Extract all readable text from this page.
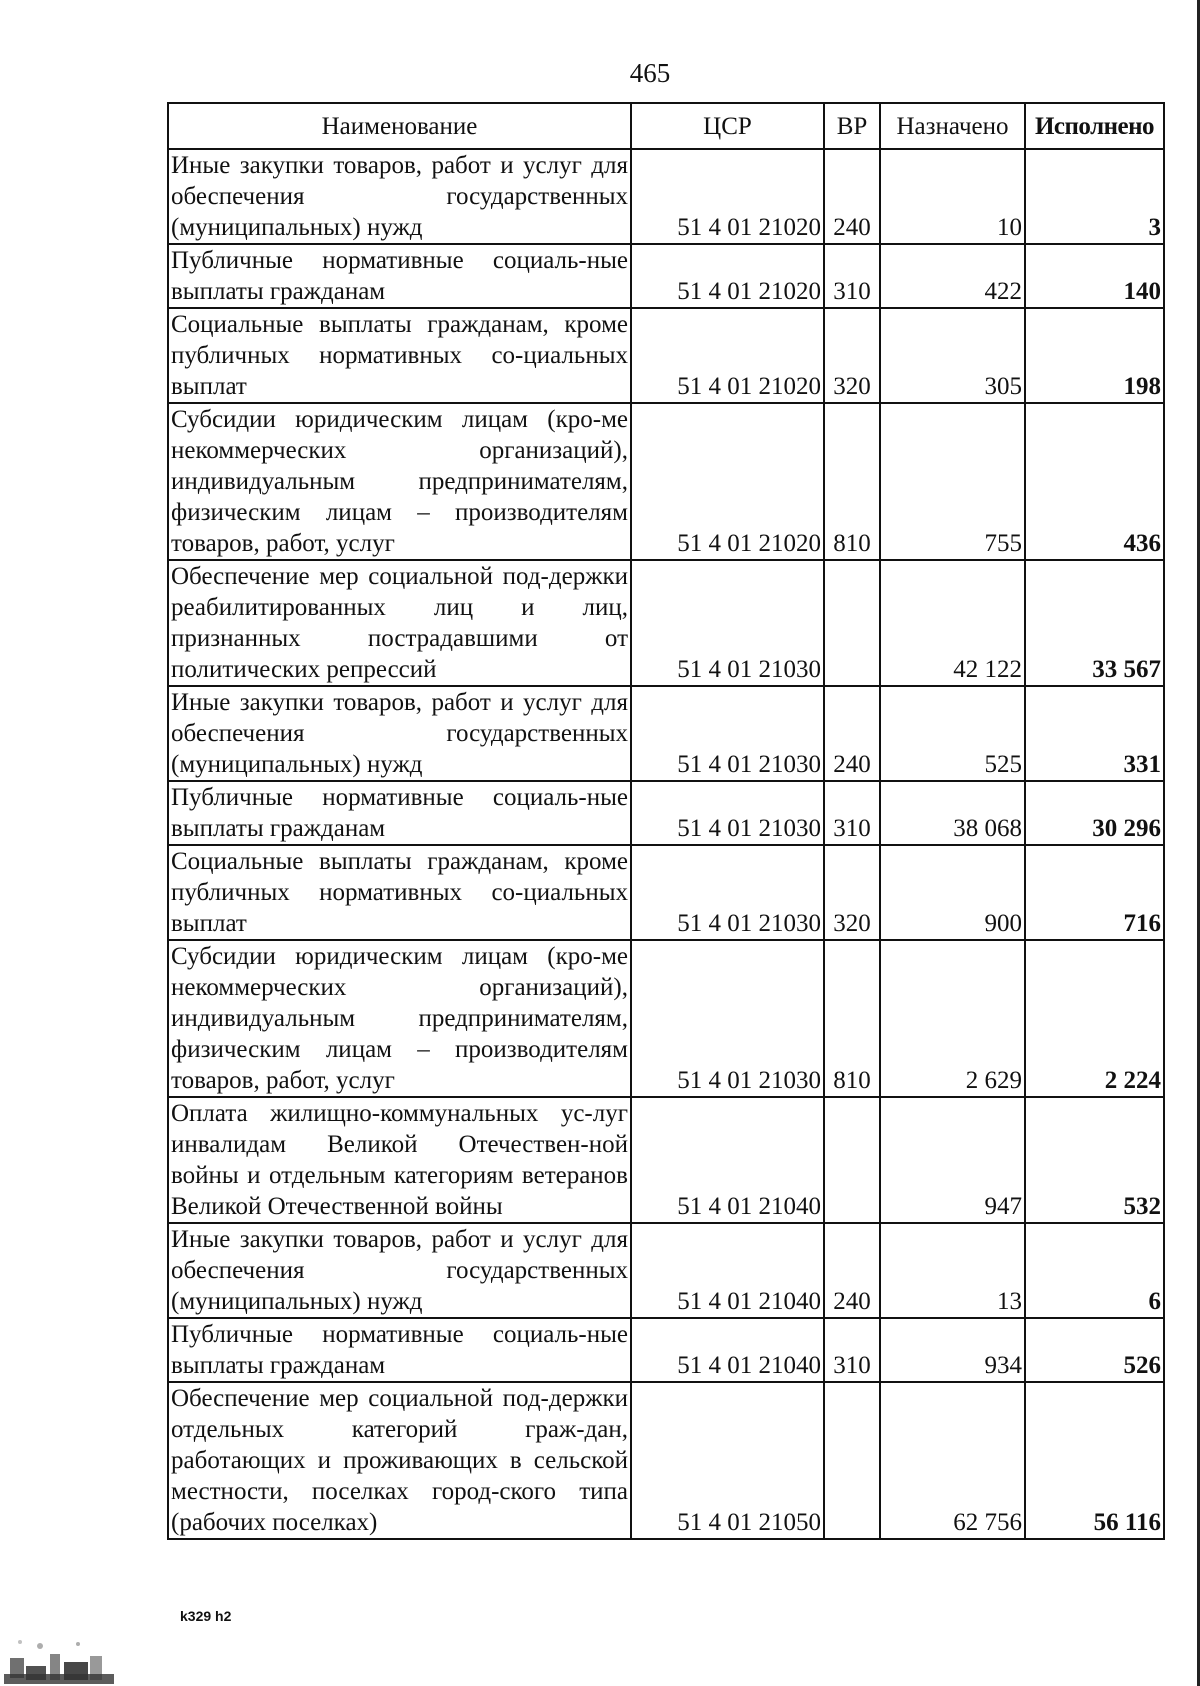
465
Наименование	ЦСР	ВР	Назначено	Исполнено
Иные закупки товаров, работ и услуг для обеспечения государственных (муниципальных) нужд	51 4 01 21020	240	10	3
Публичные нормативные социаль-ные выплаты гражданам	51 4 01 21020	310	422	140
Социальные выплаты гражданам, кроме публичных нормативных со-циальных выплат	51 4 01 21020	320	305	198
Субсидии юридическим лицам (кро-ме некоммерческих организаций), индивидуальным предпринимателям, физическим лицам – производителям товаров, работ, услуг	51 4 01 21020	810	755	436
Обеспечение мер социальной под-держки реабилитированных лиц и лиц, признанных пострадавшими от политических репрессий	51 4 01 21030		42 122	33 567
Иные закупки товаров, работ и услуг для обеспечения государственных (муниципальных) нужд	51 4 01 21030	240	525	331
Публичные нормативные социаль-ные выплаты гражданам	51 4 01 21030	310	38 068	30 296
Социальные выплаты гражданам, кроме публичных нормативных со-циальных выплат	51 4 01 21030	320	900	716
Субсидии юридическим лицам (кро-ме некоммерческих организаций), индивидуальным предпринимателям, физическим лицам – производителям товаров, работ, услуг	51 4 01 21030	810	2 629	2 224
Оплата жилищно-коммунальных ус-луг инвалидам Великой Отечествен-ной войны и отдельным категориям ветеранов Великой Отечественной войны	51 4 01 21040		947	532
Иные закупки товаров, работ и услуг для обеспечения государственных (муниципальных) нужд	51 4 01 21040	240	13	6
Публичные нормативные социаль-ные выплаты гражданам	51 4 01 21040	310	934	526
Обеспечение мер социальной под-держки отдельных категорий граж-дан, работающих и проживающих в сельской местности, поселках город-ского типа (рабочих поселках)	51 4 01 21050		62 756	56 116
k329 h2
